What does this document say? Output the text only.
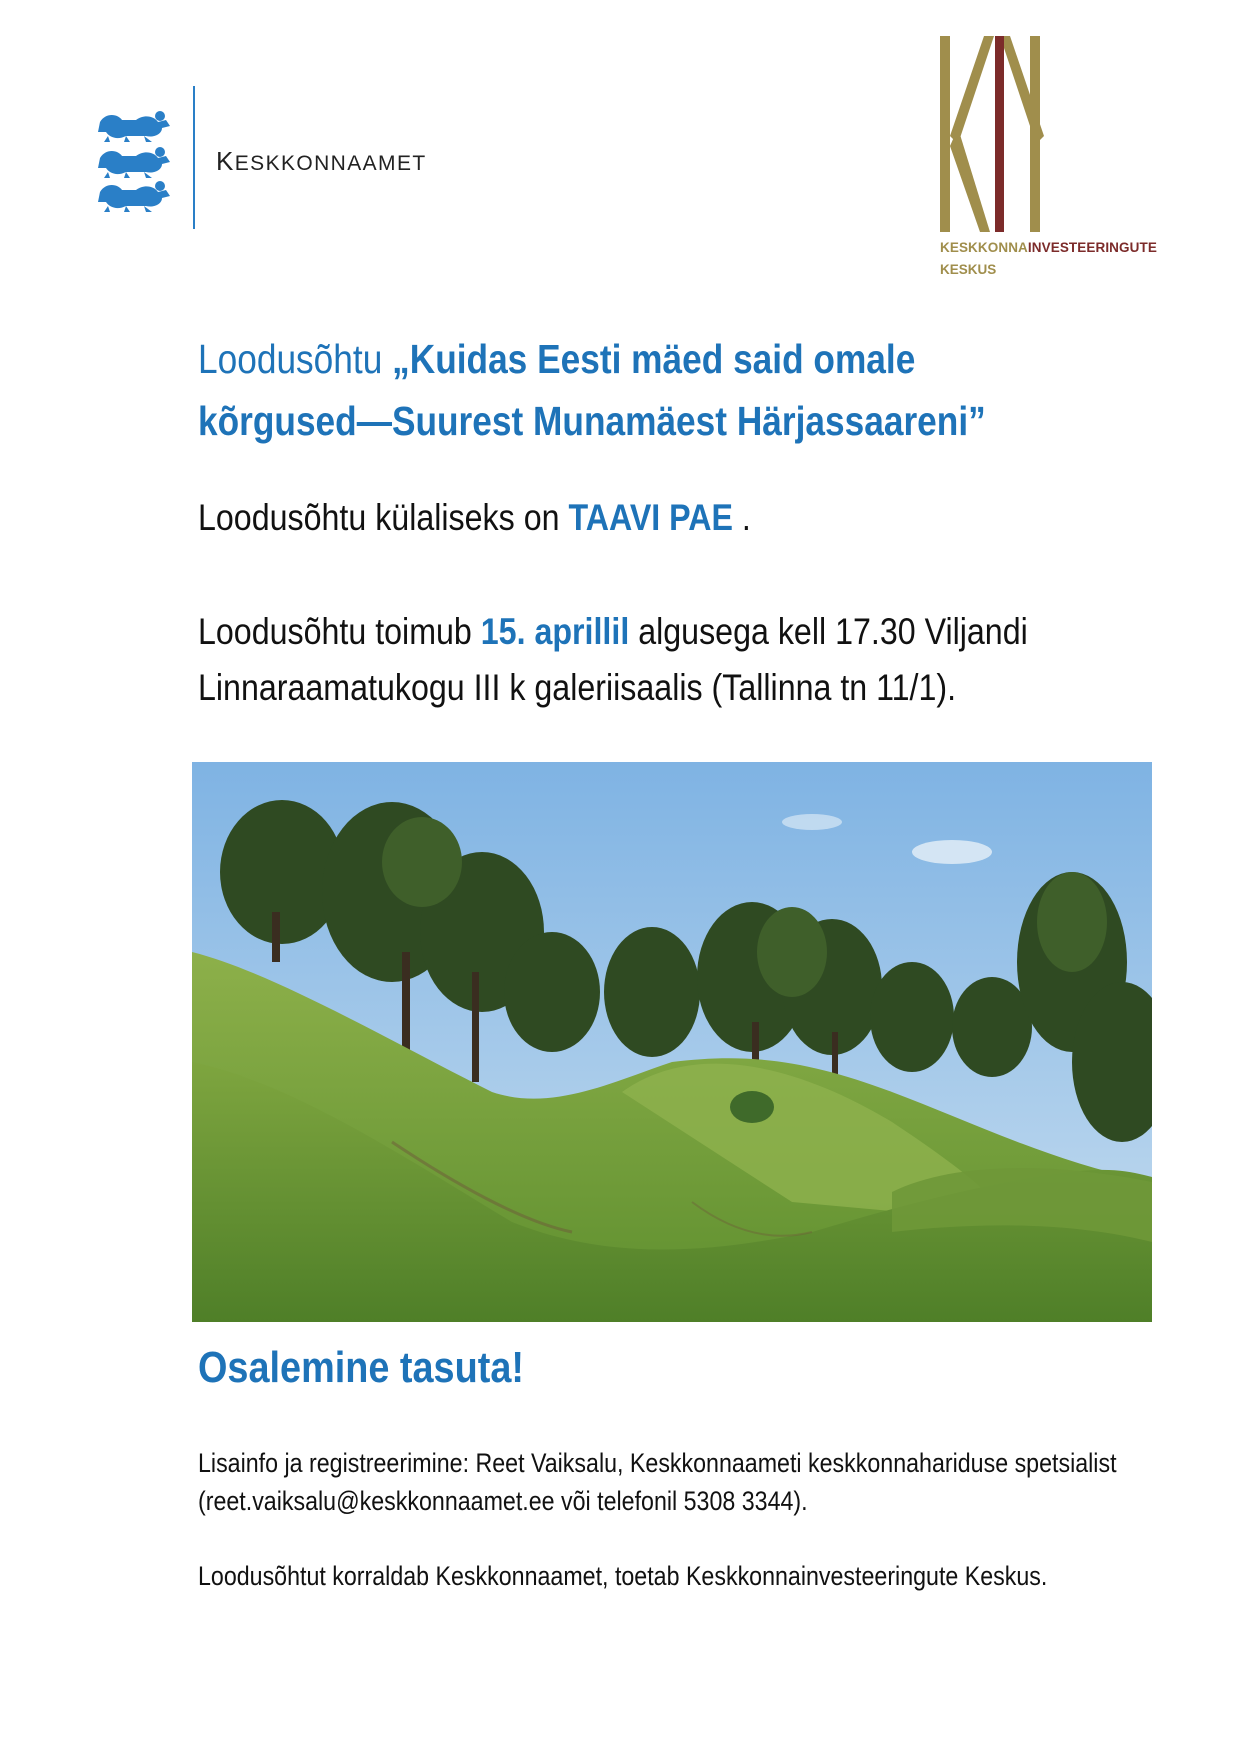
KESKKONNAAMET
KESKKONNAINVESTEERINGUTE
KESKUS
Loodusõhtu „Kuidas Eesti mäed said omale kõrgused—Suurest Munamäest Härjassaareni”
Loodusõhtu külaliseks on TAAVI PAE .
Loodusõhtu toimub 15. aprillil algusega kell 17.30 Viljandi Linnaraamatukogu III k galeriisaalis (Tallinna tn 11/1).
Osalemine tasuta!
Lisainfo ja registreerimine: Reet Vaiksalu, Keskkonnaameti keskkonnahariduse spetsialist (reet.vaiksalu@keskkonnaamet.ee või telefonil 5308 3344).
Loodusõhtut korraldab Keskkonnaamet, toetab Keskkonnainvesteeringute Keskus.
